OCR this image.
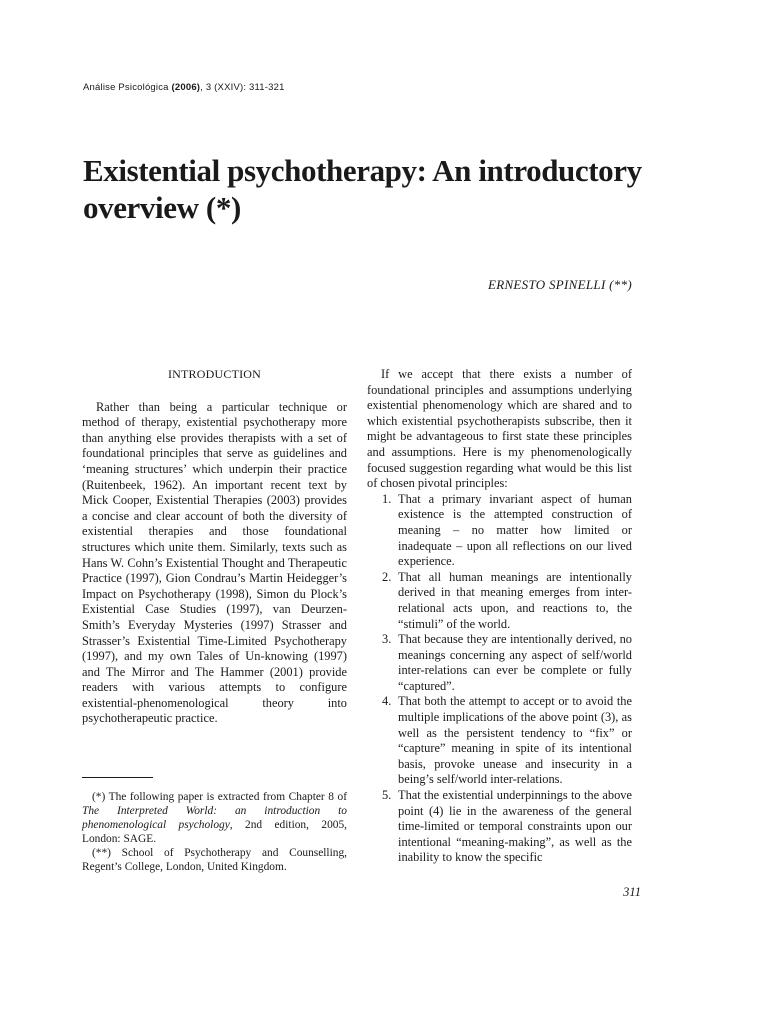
Análise Psicológica (2006), 3 (XXIV): 311-321
Existential psychotherapy: An introductory overview (*)
ERNESTO SPINELLI (**)
INTRODUCTION

Rather than being a particular technique or method of therapy, existential psychotherapy more than anything else provides therapists with a set of foundational principles that serve as guidelines and ‘meaning structures’ which underpin their practice (Ruitenbeek, 1962). An important recent text by Mick Cooper, Existential Therapies (2003) provides a concise and clear account of both the diversity of existential therapies and those foundational structures which unite them. Similarly, texts such as Hans W. Cohn’s Existential Thought and Therapeutic Practice (1997), Gion Condrau’s Martin Heidegger’s Impact on Psychotherapy (1998), Simon du Plock’s Existential Case Studies (1997), van Deurzen-Smith’s Everyday Mysteries (1997) Strasser and Strasser’s Existential Time-Limited Psychotherapy (1997), and my own Tales of Un-knowing (1997) and The Mirror and The Hammer (2001) provide readers with various attempts to configure existential-phenomenological theory into psychotherapeutic practice.

(*) The following paper is extracted from Chapter 8 of The Interpreted World: an introduction to phenomenological psychology, 2nd edition, 2005, London: SAGE.

(**) School of Psychotherapy and Counselling, Regent’s College, London, United Kingdom.

If we accept that there exists a number of foundational principles and assumptions underlying existential phenomenology which are shared and to which existential psychotherapists subscribe, then it might be advantageous to first state these principles and assumptions. Here is my phenomenologically focused suggestion regarding what would be this list of chosen pivotal principles:

1. That a primary invariant aspect of human existence is the attempted construction of meaning – no matter how limited or inadequate – upon all reflections on our lived experience.
2. That all human meanings are intentionally derived in that meaning emerges from inter-relational acts upon, and reactions to, the “stimuli” of the world.
3. That because they are intentionally derived, no meanings concerning any aspect of self/world inter-relations can ever be complete or fully “captured”.
4. That both the attempt to accept or to avoid the multiple implications of the above point (3), as well as the persistent tendency to “fix” or “capture” meaning in spite of its intentional basis, provoke unease and insecurity in a being’s self/world inter-relations.
5. That the existential underpinnings to the above point (4) lie in the awareness of the general time-limited or temporal constraints upon our intentional “meaning-making”, as well as the inability to know the specific
311
